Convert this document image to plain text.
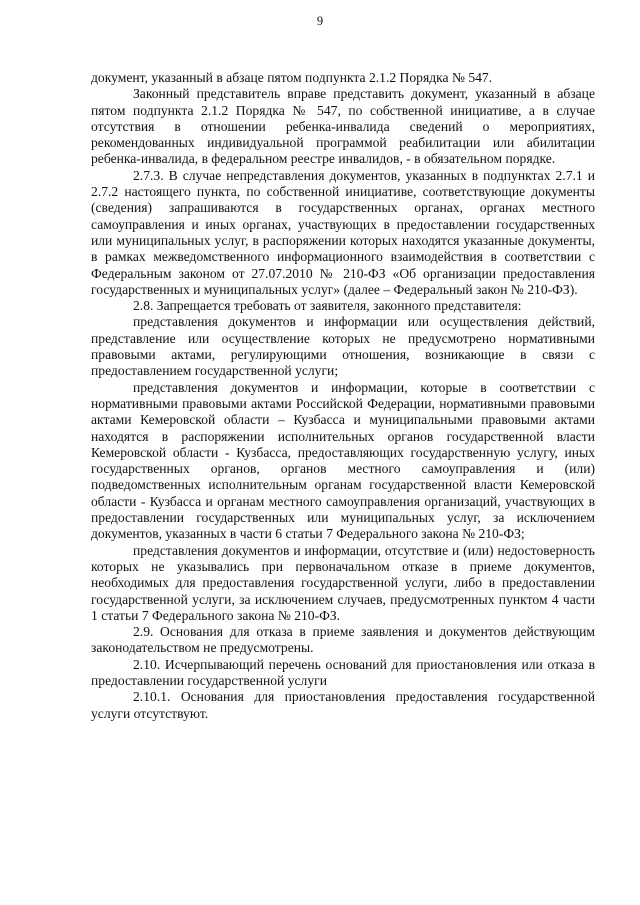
9

документ, указанный в абзаце пятом подпункта 2.1.2 Порядка № 547.

Законный представитель вправе представить документ, указанный в абзаце пятом подпункта 2.1.2 Порядка № 547, по собственной инициативе, а в случае отсутствия в отношении ребенка-инвалида сведений о мероприятиях, рекомендованных индивидуальной программой реабилитации или абилитации ребенка-инвалида, в федеральном реестре инвалидов, - в обязательном порядке.

2.7.3. В случае непредставления документов, указанных в подпунктах 2.7.1 и 2.7.2 настоящего пункта, по собственной инициативе, соответствующие документы (сведения) запрашиваются в государственных органах, органах местного самоуправления и иных органах, участвующих в предоставлении государственных или муниципальных услуг, в распоряжении которых находятся указанные документы, в рамках межведомственного информационного взаимодействия в соответствии с Федеральным законом от 27.07.2010 № 210-ФЗ «Об организации предоставления государственных и муниципальных услуг» (далее – Федеральный закон № 210-ФЗ).

2.8. Запрещается требовать от заявителя, законного представителя:

представления документов и информации или осуществления действий, представление или осуществление которых не предусмотрено нормативными правовыми актами, регулирующими отношения, возникающие в связи с предоставлением государственной услуги;

представления документов и информации, которые в соответствии с нормативными правовыми актами Российской Федерации, нормативными правовыми актами Кемеровской области – Кузбасса и муниципальными правовыми актами находятся в распоряжении исполнительных органов государственной власти Кемеровской области - Кузбасса, предоставляющих государственную услугу, иных государственных органов, органов местного самоуправления и (или) подведомственных исполнительным органам государственной власти Кемеровской области - Кузбасса и органам местного самоуправления организаций, участвующих в предоставлении государственных или муниципальных услуг, за исключением документов, указанных в части 6 статьи 7 Федерального закона № 210-ФЗ;

представления документов и информации, отсутствие и (или) недостоверность которых не указывались при первоначальном отказе в приеме документов, необходимых для предоставления государственной услуги, либо в предоставлении государственной услуги, за исключением случаев, предусмотренных пунктом 4 части 1 статьи 7 Федерального закона № 210-ФЗ.

2.9. Основания для отказа в приеме заявления и документов действующим законодательством не предусмотрены.

2.10. Исчерпывающий перечень оснований для приостановления или отказа в предоставлении государственной услуги

2.10.1. Основания для приостановления предоставления государственной услуги отсутствуют.
